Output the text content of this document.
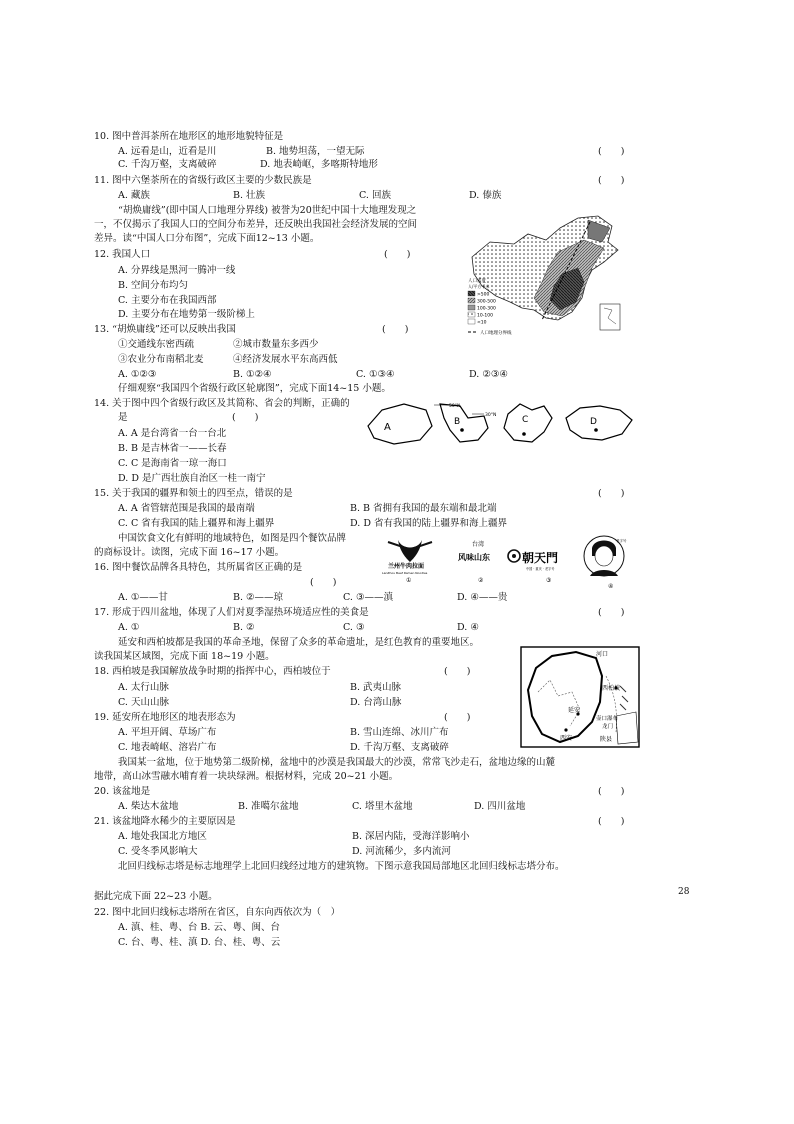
10. 图中普洱茶所在地形区的地形地貌特征是
(　　)
A. 远看是山，近看是川	B. 地势坦荡，一望无际
C. 千沟万壑，支离破碎	D. 地表崎岖，多喀斯特地形
11. 图中六堡茶所在的省级行政区主要的少数民族是	(　　)
A. 藏族	B. 壮族	C. 回族	D. 傣族
“胡焕庸线”(即中国人口地理分界线) 被誉为20世纪中国十大地理发现之
一，不仅揭示了我国人口的空间分布差异，还反映出我国社会经济发展的空间
差异。读“中国人口分布图”，完成下面12~13 小题。
12. 我国人口	(　　)
A. 分界线是黑河一腾冲一线
B. 空间分布均匀
C. 主要分布在我国西部
D. 主要分布在地势第一级阶梯上
人口密度
人/平方千米
>500
300-500
100-300
10-100
<10
人口地理分界线
13. “胡焕庸线”还可以反映出我国	(　　)
①交通线东密西疏	②城市数量东多西少
③农业分布南稻北麦	④经济发展水平东高西低
A. ①②③	B. ①②④	C. ①③④	D. ②③④
仔细观察“我国四个省级行政区轮廓图”，完成下面14~15 小题。
14. 关于图中四个省级行政区及其简称、省会的判断，正确的
是	(　　)
A. A 是台湾省一台一台北
B. B 是吉林省一——长春
C. C 是海南省一琼一海口
D. D 是广西壮族自治区一桂一南宁
A
50°N
30°N
B	C	D
15. 关于我国的疆界和领土的四至点，错误的是	(　　)
A. A 省管辖范围是我国的最南端	B. B 省拥有我国的最东端和最北端
C. C 省有我国的陆上疆界和海上疆界	D. D 省有我国的陆上疆界和海上疆界
中国饮食文化有鲜明的地域特色，如图是四个餐饮品牌
的商标设计。读图，完成下面 16~17 小题。
兰州牛肉拉面
LanZhou Beef Ramen Noodles
①
台湾
风味山东
②
朝天門
中国 · 重庆 · 老字号
③
老字号
④
16. 图中餐饮品牌各具特色，其所属省区正确的是
(　　)
A. ①——甘	B. ②——琼	C. ③——滇	D. ④——贵
17. 形成于四川盆地，体现了人们对夏季湿热环境适应性的美食是	(　　)
A. ①	B. ②	C. ③	D. ④
延安和西柏坡都是我国的革命圣地，保留了众多的革命遗址，是红色教育的重要地区。
读我国某区域图，完成下面 18~19 小题。
18. 西柏坡是我国解放战争时期的指挥中心，西柏坡位于	(　　)
A. 太行山脉	B. 武夷山脉
C. 天山山脉	D. 台湾山脉
19. 延安所在地形区的地表形态为	(　　)
A. 平坦开阔、草场广布	B. 雪山连绵、冰川广布
C. 地表崎岖、溶岩广布	D. 千沟万壑、支离破碎
河口
西柏坡
延安
壶口瀑布
龙门
西安	陕县
我国某一盆地，位于地势第二级阶梯，盆地中的沙漠是我国最大的沙漠，常常飞沙走石，盆地边缘的山麓
地带，高山冰雪融水哺育着一块块绿洲。根据材料，完成 20~21 小题。
20. 该盆地是	(　　)
A. 柴达木盆地	B. 准噶尔盆地	C. 塔里木盆地	D. 四川盆地
21. 该盆地降水稀少的主要原因是	(　　)
A. 地处我国北方地区	B. 深居内陆，受海洋影响小
C. 受冬季风影响大	D. 河流稀少，多内流河
北回归线标志塔是标志地理学上北回归线经过地方的建筑物。下图示意我国局部地区北回归线标志塔分布。
28
据此完成下面 22~23 小题。
22. 图中北回归线标志塔所在省区，自东向西依次为（　）
A. 滇、桂、粤、台 B. 云、粤、闽、台
C. 台、粤、桂、滇 D. 台、桂、粤、云
